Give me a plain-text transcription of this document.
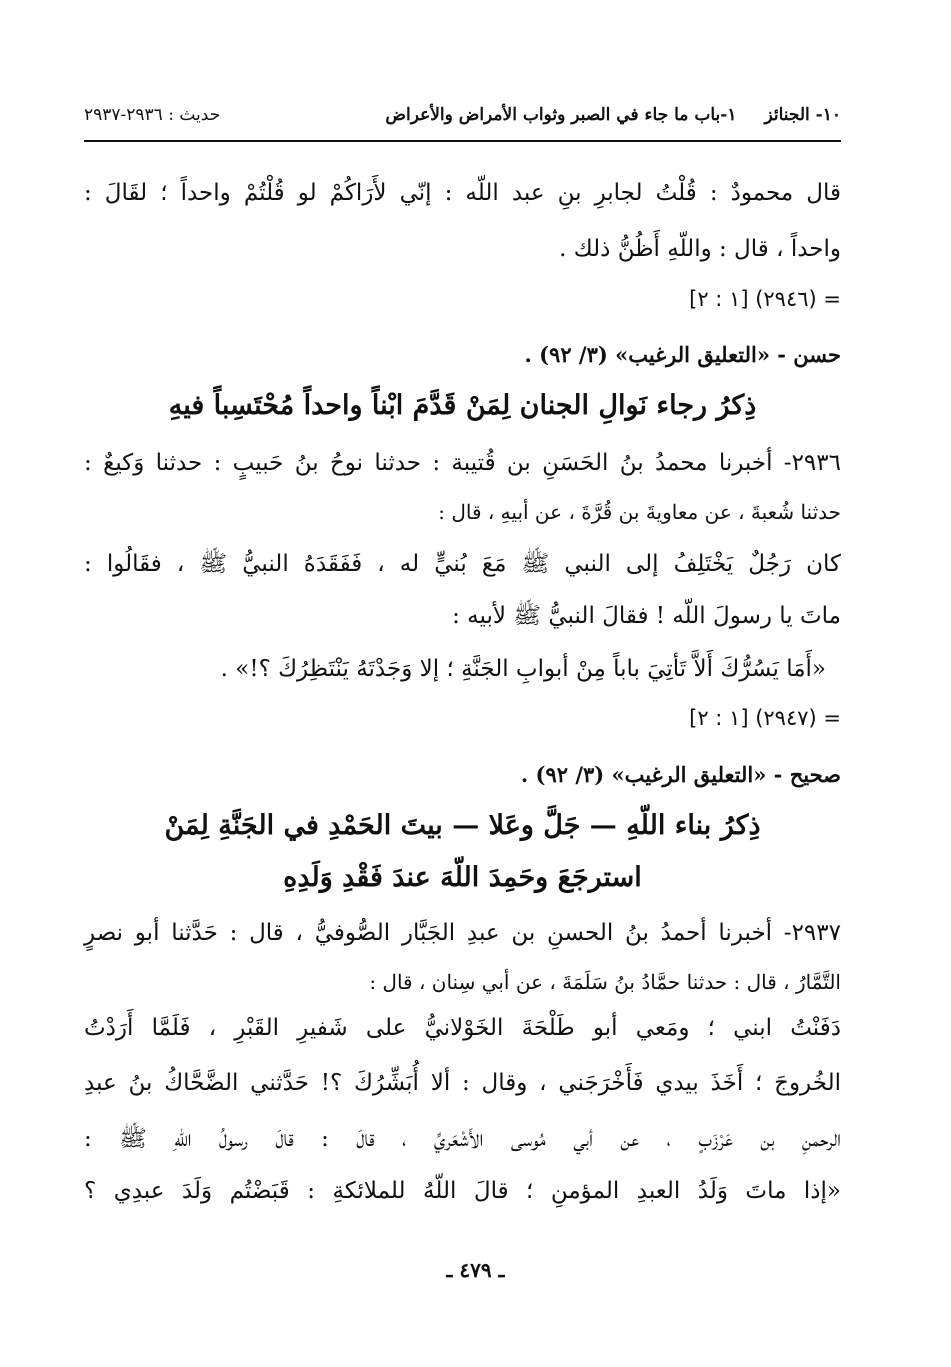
١٠- الجنائز
١-باب ما جاء في الصبر وثواب الأمراض والأعراض
حديث : ٢٩٣٦-٢٩٣٧
قال محمودٌ : قُلْتُ لجابرِ بنِ عبد اللّه : إنّي لأَرَاكُمْ لو قُلْتُمْ واحداً ؛ لقَالَ :
واحداً ، قال : واللّهِ أَظُنُّ ذلك .
= (٢٩٤٦) [١ : ٢]
حسن - «التعليق الرغيب» (٣/ ٩٢) .
ذِكرُ رجاء نَوالِ الجنان لِمَنْ قَدَّمَ ابْناً واحداً مُحْتَسِباً فيهِ
٢٩٣٦- أخبرنا محمدُ بنُ الحَسَنِ بن قُتيبة : حدثنا نوحُ بنُ حَبيبٍ : حدثنا وَكيعٌ :
حدثنا شُعبةَ ، عن معاويةَ بن قُرَّةَ ، عن أبيهِ ، قال :
كان رَجُلٌ يَخْتَلِفُ إلى النبي ﷺ مَعَ بُنيٍّ له ، فَفَقَدَهُ النبيُّ ﷺ ، فقَالُوا :
ماتَ يا رسولَ اللّه ! فقالَ النبيُّ ﷺ لأبيه :
«أَمَا يَسُرُّكَ أَلاَّ تَأتِيَ باباً مِنْ أبوابِ الجَنَّةِ ؛ إلا وَجَدْتَهُ يَنْتَظِرُكَ ؟!» .
= (٢٩٤٧) [١ : ٢]
صحيح - «التعليق الرغيب» (٣/ ٩٢) .
ذِكرُ بناء اللّهِ — جَلَّ وعَلا — بيتَ الحَمْدِ في الجَنَّةِ لِمَنْ
استرجَعَ وحَمِدَ اللّهَ عندَ فَقْدِ وَلَدِهِ
٢٩٣٧- أخبرنا أحمدُ بنُ الحسنِ بن عبدِ الجَبَّار الصُّوفيُّ ، قال : حَدَّثنا أبو نصرٍ
التَّمَّارُ ، قال : حدثنا حمَّادُ بنُ سَلَمَةَ ، عن أبي سِنان ، قال :
دَفَنْتُ ابني ؛ ومَعي أبو طَلْحَةَ الخَوْلانيُّ على شَفيرِ القَبْرِ ، فَلَمَّا أَرَدْتُ
الخُروجَ ؛ أَخَذَ بيدي فَأَخْرَجَني ، وقال : ألا أُبَشِّرُكَ ؟! حَدَّثني الضَّحَّاكُ بنُ عبدِ
الرحمنِ بن عَرْزَبٍ ، عن أبي مُوسى الأَشْعَريِّ ، قالَ : قالَ رسولُ اللّهِ ﷺ :
«إذا ماتَ وَلَدُ العبدِ المؤمنِ ؛ قالَ اللّهُ للملائكةِ : قَبَضْتُم وَلَدَ عبدِي ؟
ـ ٤٧٩ ـ
